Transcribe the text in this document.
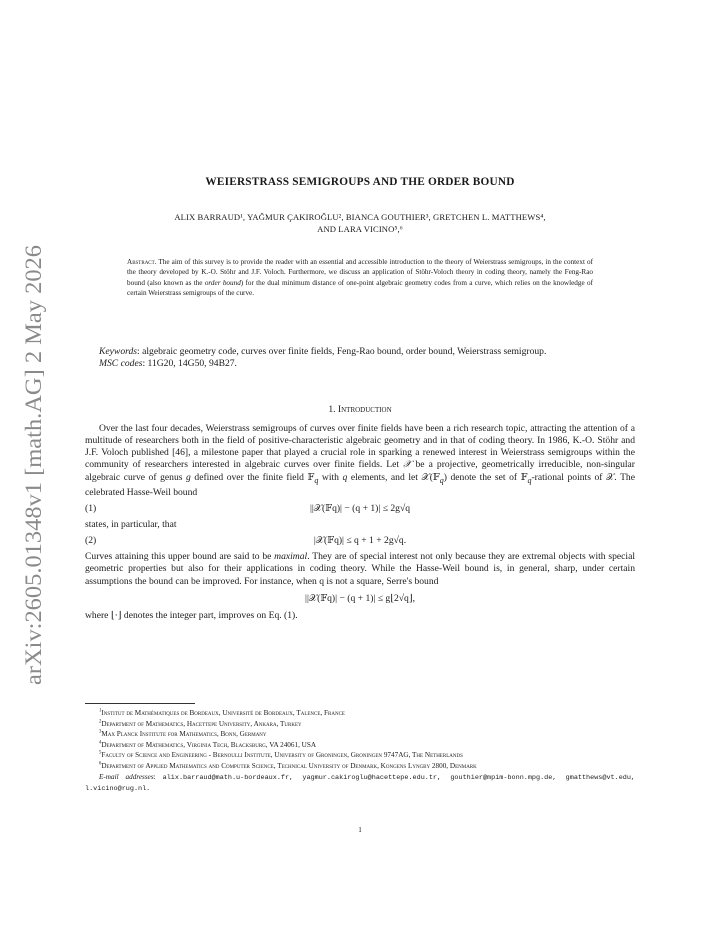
arXiv:2605.01348v1 [math.AG] 2 May 2026
WEIERSTRASS SEMIGROUPS AND THE ORDER BOUND
ALIX BARRAUD¹, YAĞMUR ÇAKIROĞLU², BIANCA GOUTHIER³, GRETCHEN L. MATTHEWS⁴,
AND LARA VICINO⁵,⁶
Abstract. The aim of this survey is to provide the reader with an essential and accessible introduction to the theory of Weierstrass semigroups, in the context of the theory developed by K.-O. Stöhr and J.F. Voloch. Furthermore, we discuss an application of Stöhr-Voloch theory in coding theory, namely the Feng-Rao bound (also known as the order bound) for the dual minimum distance of one-point algebraic geometry codes from a curve, which relies on the knowledge of certain Weierstrass semigroups of the curve.
Keywords: algebraic geometry code, curves over finite fields, Feng-Rao bound, order bound, Weierstrass semigroup.
MSC codes: 11G20, 14G50, 94B27.
1. Introduction

Over the last four decades, Weierstrass semigroups of curves over finite fields have been a rich research topic, attracting the attention of a multitude of researchers both in the field of positive-characteristic algebraic geometry and in that of coding theory. In 1986, K.-O. Stöhr and J.F. Voloch published [46], a milestone paper that played a crucial role in sparking a renewed interest in Weierstrass semigroups within the community of researchers interested in algebraic curves over finite fields. Let 𝒳 be a projective, geometrically irreducible, non-singular algebraic curve of genus g defined over the finite field 𝔽$_q$ with q elements, and let 𝒳(𝔽$_q$) denote the set of 𝔽$_q$-rational points of 𝒳. The celebrated Hasse-Weil bound

(1)	||𝒳(𝔽q)| − (q + 1)| ≤ 2g√q

states, in particular, that

(2)	|𝒳(𝔽q)| ≤ q + 1 + 2g√q.

Curves attaining this upper bound are said to be maximal. They are of special interest not only because they are extremal objects with special geometric properties but also for their applications in coding theory. While the Hasse-Weil bound is, in general, sharp, under certain assumptions the bound can be improved. For instance, when q is not a square, Serre's bound

||𝒳(𝔽q)| − (q + 1)| ≤ g⌊2√q⌋,

where ⌊·⌋ denotes the integer part, improves on Eq. (1).

$^1$Institut de Mathématiques de Bordeaux, Université de Bordeaux, Talence, France

$^2$Department of Mathematics, Hacettepe University, Ankara, Turkey

$^3$Max Planck Institute for Mathematics, Bonn, Germany

$^4$Department of Mathematics, Virginia Tech, Blacksburg, VA 24061, USA

$^5$Faculty of Science and Engineering - Bernoulli Institute, University of Groningen, Groningen 9747AG, The Netherlands

$^6$Department of Applied Mathematics and Computer Science, Technical University of Denmark, Kongens Lyngby 2800, Denmark

E-mail addresses: alix.barraud@math.u-bordeaux.fr, yagmur.cakiroglu@hacettepe.edu.tr, gouthier@mpim-bonn.mpg.de, gmatthews@vt.edu, l.vicino@rug.nl.

1
